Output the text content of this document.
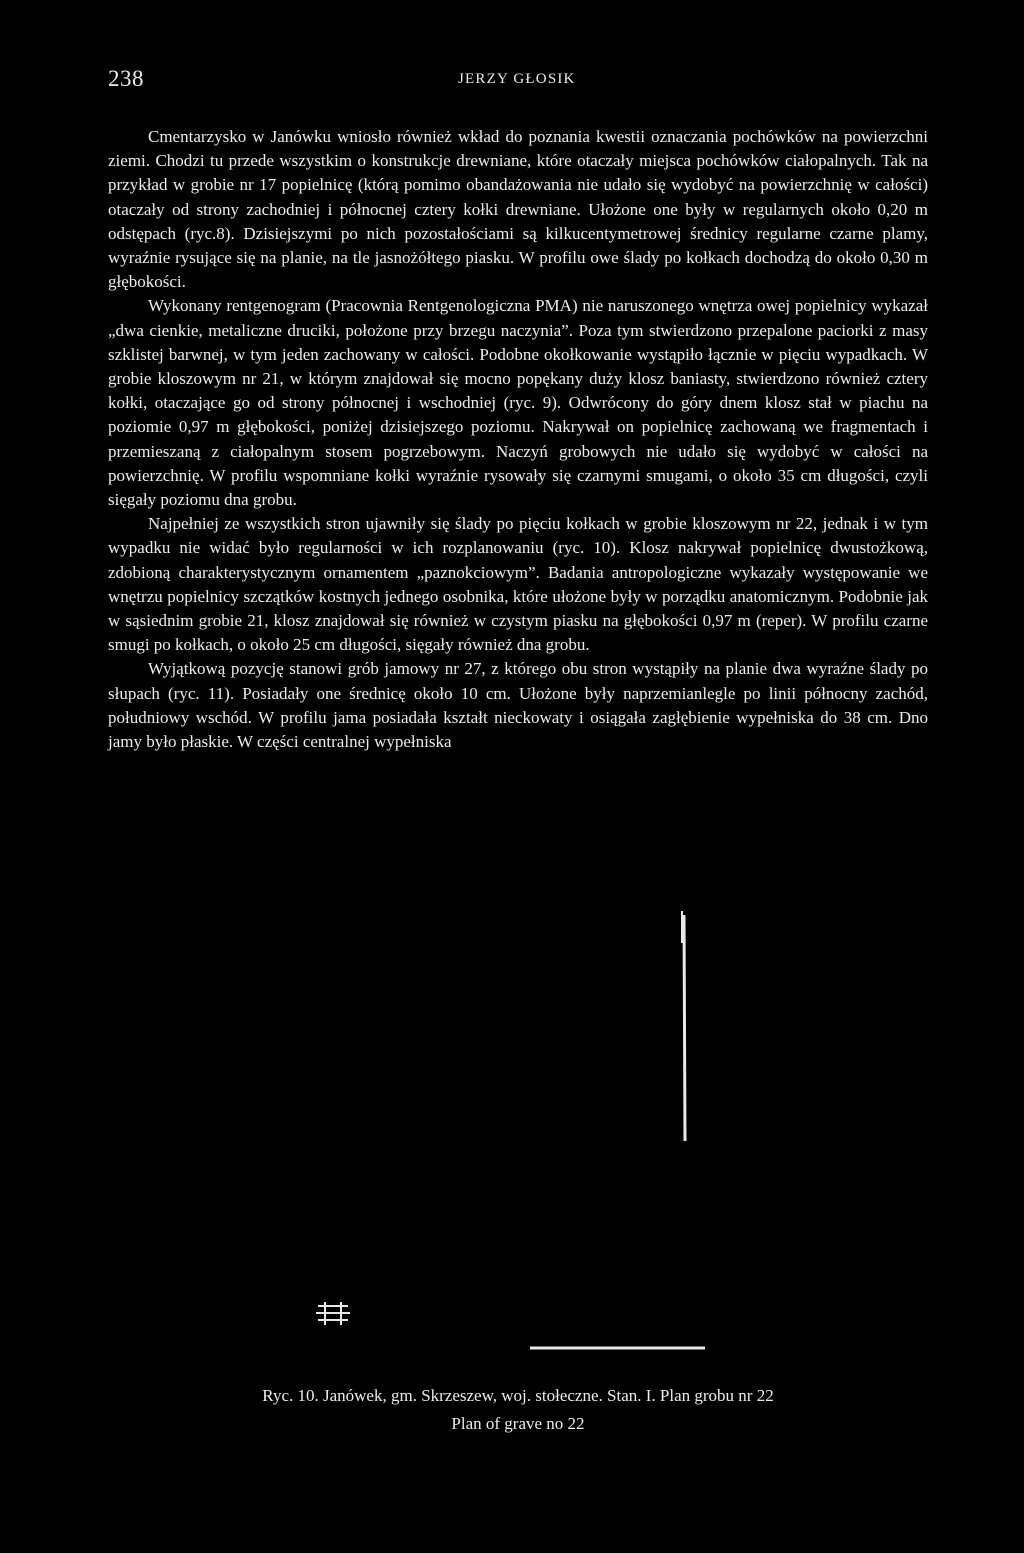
238	JERZY GŁOSIK

Cmentarzysko w Janówku wniosło również wkład do poznania kwestii oznaczania pochówków na powierzchni ziemi. Chodzi tu przede wszystkim o konstrukcje drewniane, które otaczały miejsca pochówków ciałopalnych. Tak na przykład w grobie nr 17 popielnicę (którą pomimo obandażowania nie udało się wydobyć na powierzchnię w całości) otaczały od strony zachodniej i północnej cztery kołki drewniane. Ułożone one były w regularnych około 0,20 m odstępach (ryc.8). Dzisiejszymi po nich pozostałościami są kilkucentymetrowej średnicy regularne czarne plamy, wyraźnie rysujące się na planie, na tle jasnożółtego piasku. W profilu owe ślady po kołkach dochodzą do około 0,30 m głębokości.

Wykonany rentgenogram (Pracownia Rentgenologiczna PMA) nie naruszonego wnętrza owej popielnicy wykazał „dwa cienkie, metaliczne druciki, położone przy brzegu naczynia”. Poza tym stwierdzono przepalone paciorki z masy szklistej barwnej, w tym jeden zachowany w całości. Podobne okołkowanie wystąpiło łącznie w pięciu wypadkach. W grobie kloszowym nr 21, w którym znajdował się mocno popękany duży klosz baniasty, stwierdzono również cztery kołki, otaczające go od strony północnej i wschodniej (ryc. 9). Odwrócony do góry dnem klosz stał w piachu na poziomie 0,97 m głębokości, poniżej dzisiejszego poziomu. Nakrywał on popielnicę zachowaną we fragmentach i przemieszaną z ciałopalnym stosem pogrzebowym. Naczyń grobowych nie udało się wydobyć w całości na powierzchnię. W profilu wspomniane kołki wyraźnie rysowały się czarnymi smugami, o około 35 cm długości, czyli sięgały poziomu dna grobu.

Najpełniej ze wszystkich stron ujawniły się ślady po pięciu kołkach w grobie kloszowym nr 22, jednak i w tym wypadku nie widać było regularności w ich rozplanowaniu (ryc. 10). Klosz nakrywał popielnicę dwustożkową, zdobioną charakterystycznym ornamentem „paznokciowym”. Badania antropologiczne wykazały występowanie we wnętrzu popielnicy szczątków kostnych jednego osobnika, które ułożone były w porządku anatomicznym. Podobnie jak w sąsiednim grobie 21, klosz znajdował się również w czystym piasku na głębokości 0,97 m (reper). W profilu czarne smugi po kołkach, o około 25 cm długości, sięgały również dna grobu.

Wyjątkową pozycję stanowi grób jamowy nr 27, z którego obu stron wystąpiły na planie dwa wyraźne ślady po słupach (ryc. 11). Posiadały one średnicę około 10 cm. Ułożone były naprzemianlegle po linii północny zachód, południowy wschód. W profilu jama posiadała kształt nieckowaty i osiągała zagłębienie wypełniska do 38 cm. Dno jamy było płaskie. W części centralnej wypełniska

Ryc. 10. Janówek, gm. Skrzeszew, woj. stołeczne. Stan. I. Plan grobu nr 22
Plan of grave no 22
